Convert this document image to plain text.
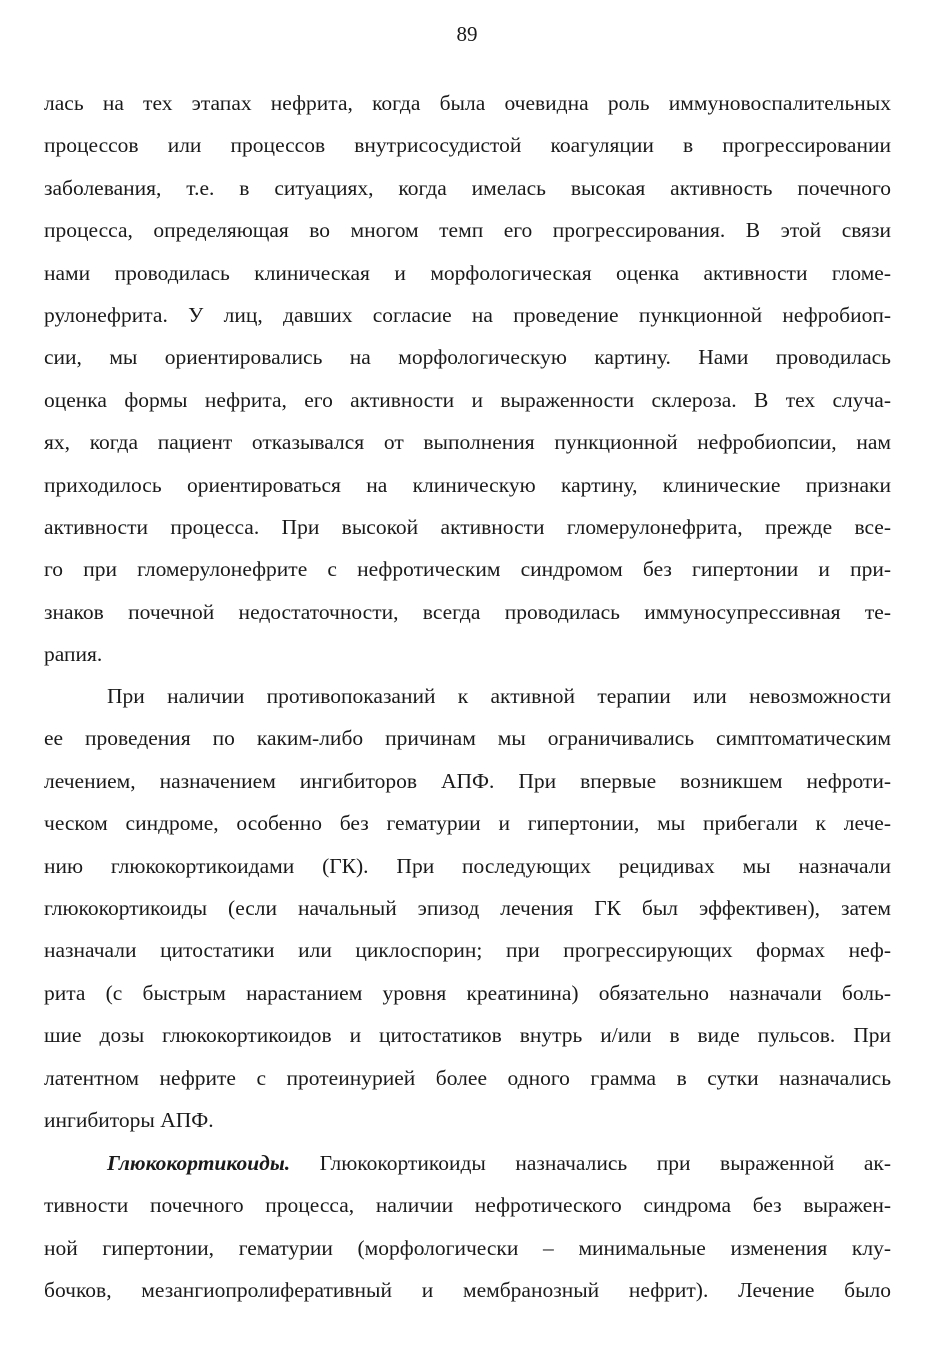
89
лась на тех этапах нефрита, когда была очевидна роль иммуновоспалительных
процессов или процессов внутрисосудистой коагуляции в прогрессировании
заболевания, т.е. в ситуациях, когда имелась высокая активность почечного
процесса, определяющая во многом темп его прогрессирования. В этой связи
нами проводилась клиническая и морфологическая оценка активности гломе-
рулонефрита. У лиц, давших согласие на проведение пункционной нефробиоп-
сии, мы ориентировались на морфологическую картину. Нами проводилась
оценка формы нефрита, его активности и выраженности склероза. В тех случа-
ях, когда пациент отказывался от выполнения пункционной нефробиопсии, нам
приходилось ориентироваться на клиническую картину, клинические признаки
активности процесса. При высокой активности гломерулонефрита, прежде все-
го при гломерулонефрите с нефротическим синдромом без гипертонии и при-
знаков почечной недостаточности, всегда проводилась иммуносупрессивная те-
рапия.
При наличии противопоказаний к активной терапии или невозможности
ее проведения по каким-либо причинам мы ограничивались симптоматическим
лечением, назначением ингибиторов АПФ. При впервые возникшем нефроти-
ческом синдроме, особенно без гематурии и гипертонии, мы прибегали к лече-
нию глюкокортикоидами (ГК). При последующих рецидивах мы назначали
глюкокортикоиды (если начальный эпизод лечения ГК был эффективен), затем
назначали цитостатики или циклоспорин; при прогрессирующих формах неф-
рита (с быстрым нарастанием уровня креатинина) обязательно назначали боль-
шие дозы глюкокортикоидов и цитостатиков внутрь и/или в виде пульсов. При
латентном нефрите с протеинурией более одного грамма в сутки назначались
ингибиторы АПФ.
Глюкокортикоиды. Глюкокортикоиды назначались при выраженной ак-
тивности почечного процесса, наличии нефротического синдрома без выражен-
ной гипертонии, гематурии (морфологически – минимальные изменения клу-
бочков, мезангиопролиферативный и мембранозный нефрит). Лечение было
